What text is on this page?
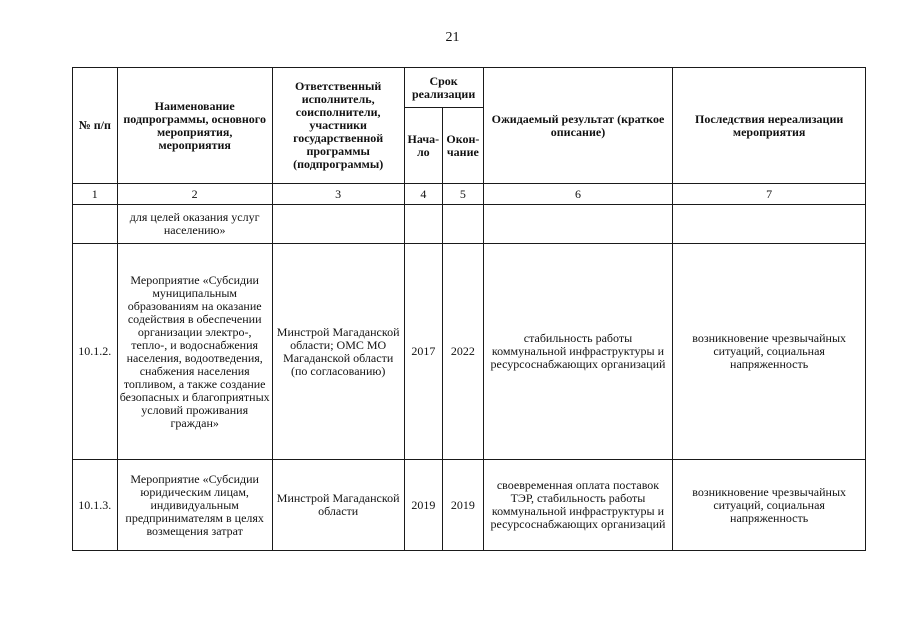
21
№ п/п	Наименование подпрограммы, основного мероприятия, мероприятия	Ответственный исполнитель, соисполнители, участники государственной программы (подпрограммы)	Срок реализации		Ожидаемый результат (краткое описание)	Последствия нереализации мероприятия
			Нача-ло	Окон-чание		
1	2	3	4	5	6	7
	для целей оказания услуг населению»					
10.1.2.	Мероприятие «Субсидии муниципальным образованиям на оказание содействия в обеспечении организации электро-, тепло-, и водоснабжения населения, водоотведения, снабжения населения топливом, а также создание безопасных и благоприятных условий проживания граждан»	Минстрой Магаданской области; ОМС МО Магаданской области (по согласованию)	2017	2022	стабильность работы коммунальной инфраструктуры и ресурсоснабжающих организаций	возникновение чрезвычайных ситуаций, социальная напряженность
10.1.3.	Мероприятие «Субсидии юридическим лицам, индивидуальным предпринимателям в целях возмещения затрат	Минстрой Магаданской области	2019	2019	своевременная оплата поставок ТЭР, стабильность работы коммунальной инфраструктуры и ресурсоснабжающих организаций	возникновение чрезвычайных ситуаций, социальная напряженность
